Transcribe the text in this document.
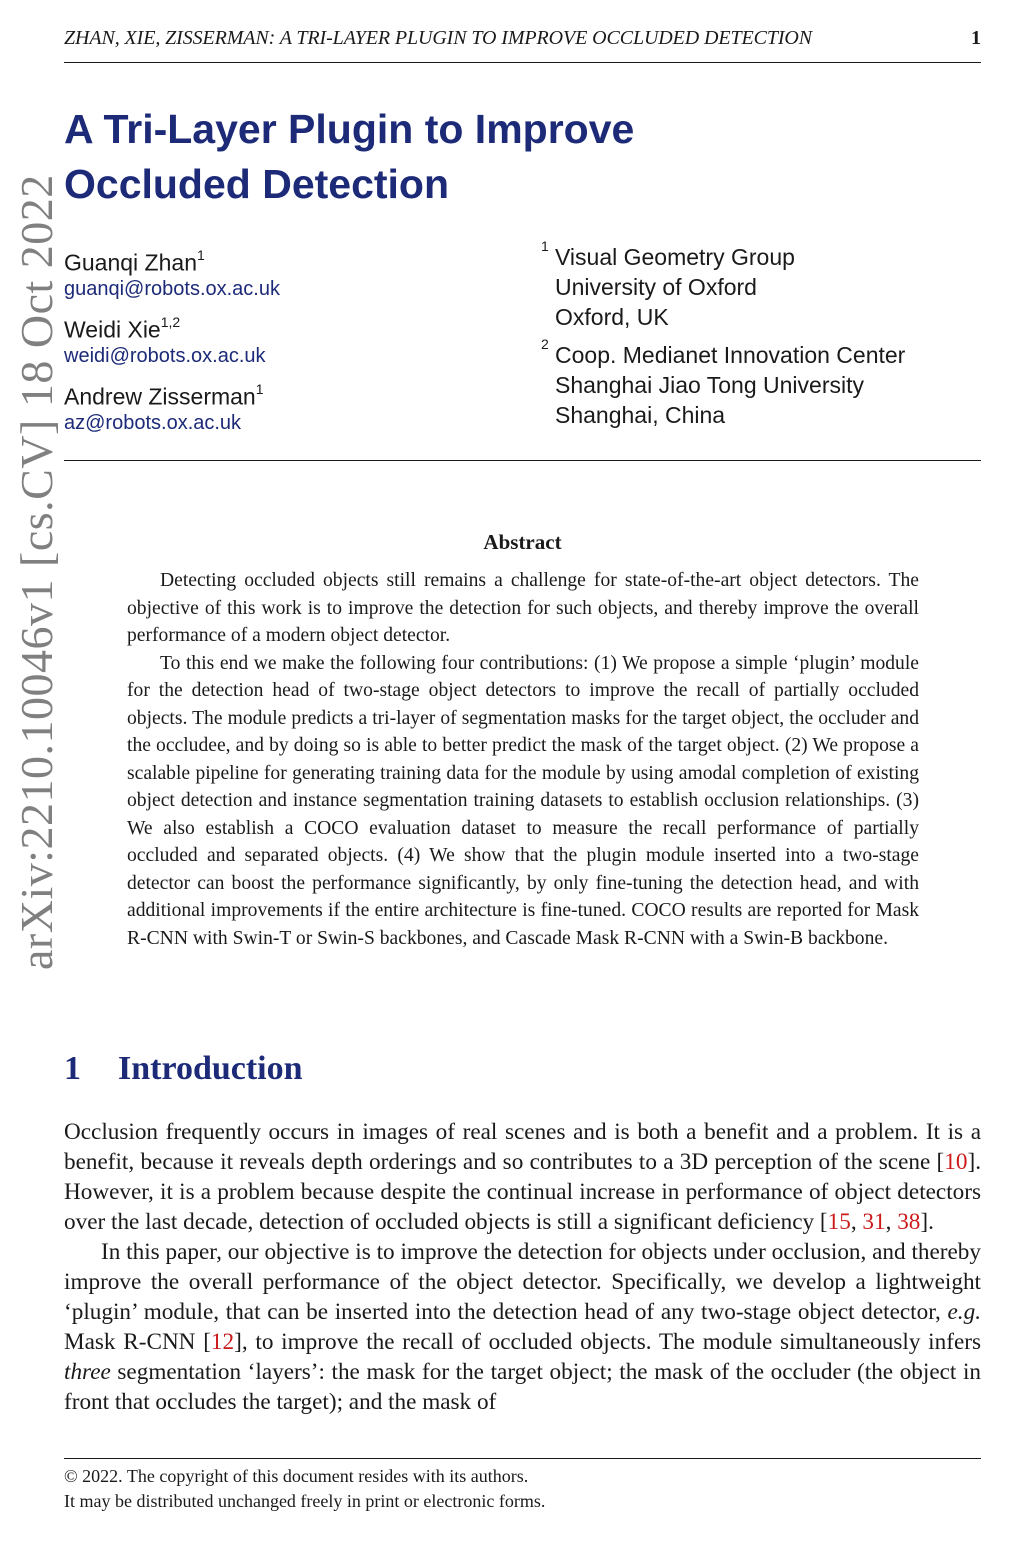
ZHAN, XIE, ZISSERMAN: A TRI-LAYER PLUGIN TO IMPROVE OCCLUDED DETECTION	1
arXiv:2210.10046v1 [cs.CV] 18 Oct 2022
A Tri-Layer Plugin to Improve
Occluded Detection
Guanqi Zhan$^1$
guanqi@robots.ox.ac.uk
Weidi Xie$^{1,2}$
weidi@robots.ox.ac.uk
Andrew Zisserman$^1$
az@robots.ox.ac.uk
1 Visual Geometry Group
University of Oxford
Oxford, UK
2 Coop. Medianet Innovation Center
Shanghai Jiao Tong University
Shanghai, China
Abstract

Detecting occluded objects still remains a challenge for state-of-the-art object detectors. The objective of this work is to improve the detection for such objects, and thereby improve the overall performance of a modern object detector.

To this end we make the following four contributions: (1) We propose a simple ‘plugin’ module for the detection head of two-stage object detectors to improve the recall of partially occluded objects. The module predicts a tri-layer of segmentation masks for the target object, the occluder and the occludee, and by doing so is able to better predict the mask of the target object. (2) We propose a scalable pipeline for generating training data for the module by using amodal completion of existing object detection and instance segmentation training datasets to establish occlusion relationships. (3) We also establish a COCO evaluation dataset to measure the recall performance of partially occluded and separated objects. (4) We show that the plugin module inserted into a two-stage detector can boost the performance significantly, by only fine-tuning the detection head, and with additional improvements if the entire architecture is fine-tuned. COCO results are reported for Mask R-CNN with Swin-T or Swin-S backbones, and Cascade Mask R-CNN with a Swin-B backbone.

1 Introduction

Occlusion frequently occurs in images of real scenes and is both a benefit and a problem. It is a benefit, because it reveals depth orderings and so contributes to a 3D perception of the scene [10]. However, it is a problem because despite the continual increase in performance of object detectors over the last decade, detection of occluded objects is still a significant deficiency [15, 31, 38].

In this paper, our objective is to improve the detection for objects under occlusion, and thereby improve the overall performance of the object detector. Specifically, we develop a lightweight ‘plugin’ module, that can be inserted into the detection head of any two-stage object detector, e.g. Mask R-CNN [12], to improve the recall of occluded objects. The module simultaneously infers three segmentation ‘layers’: the mask for the target object; the mask of the occluder (the object in front that occludes the target); and the mask of

© 2022. The copyright of this document resides with its authors.
It may be distributed unchanged freely in print or electronic forms.
